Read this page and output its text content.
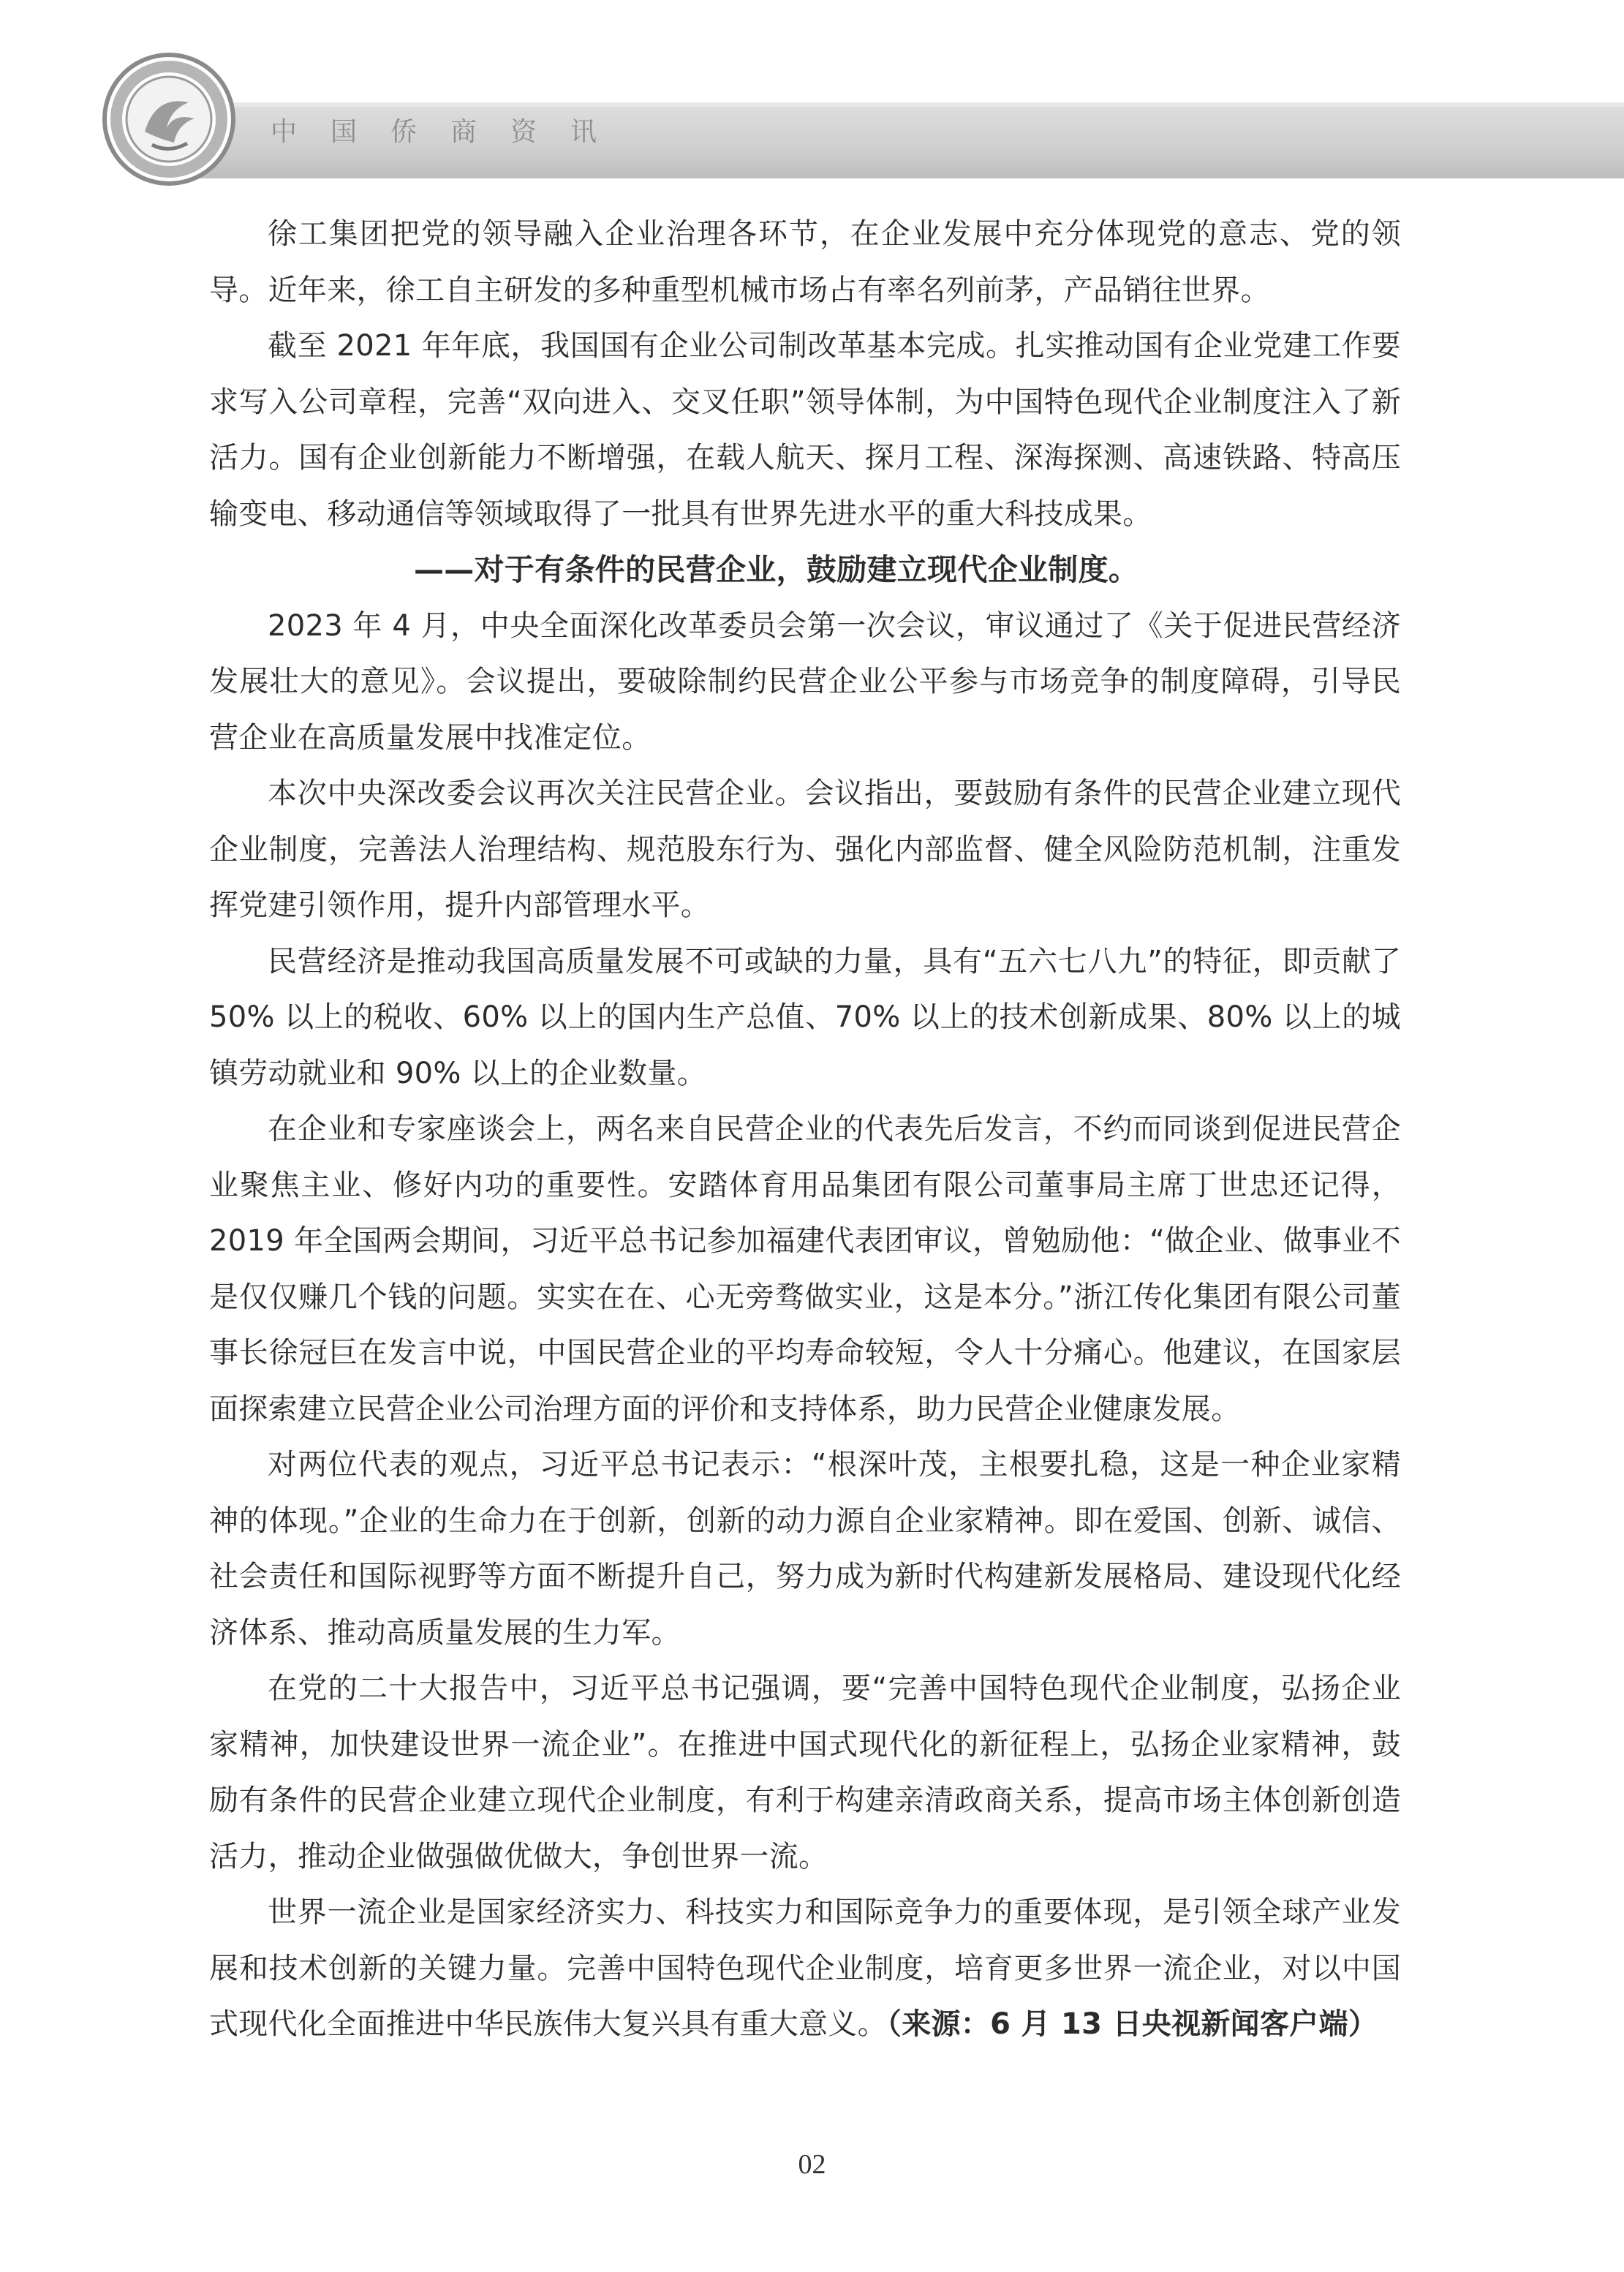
中国侨商资讯

徐工集团把党的领导融入企业治理各环节，在企业发展中充分体现党的意志、党的领导。近年来，徐工自主研发的多种重型机械市场占有率名列前茅，产品销往世界。

截至 2021 年年底，我国国有企业公司制改革基本完成。扎实推动国有企业党建工作要求写入公司章程，完善“双向进入、交叉任职”领导体制，为中国特色现代企业制度注入了新活力。国有企业创新能力不断增强，在载人航天、探月工程、深海探测、高速铁路、特高压输变电、移动通信等领域取得了一批具有世界先进水平的重大科技成果。

——对于有条件的民营企业，鼓励建立现代企业制度。

2023 年 4 月，中央全面深化改革委员会第一次会议，审议通过了《关于促进民营经济发展壮大的意见》。会议提出，要破除制约民营企业公平参与市场竞争的制度障碍，引导民营企业在高质量发展中找准定位。

本次中央深改委会议再次关注民营企业。会议指出，要鼓励有条件的民营企业建立现代企业制度，完善法人治理结构、规范股东行为、强化内部监督、健全风险防范机制，注重发挥党建引领作用，提升内部管理水平。

民营经济是推动我国高质量发展不可或缺的力量，具有“五六七八九”的特征，即贡献了 50% 以上的税收、60% 以上的国内生产总值、70% 以上的技术创新成果、80% 以上的城镇劳动就业和 90% 以上的企业数量。

在企业和专家座谈会上，两名来自民营企业的代表先后发言，不约而同谈到促进民营企业聚焦主业、修好内功的重要性。安踏体育用品集团有限公司董事局主席丁世忠还记得，2019 年全国两会期间，习近平总书记参加福建代表团审议，曾勉励他：“做企业、做事业不是仅仅赚几个钱的问题。实实在在、心无旁骛做实业，这是本分。”浙江传化集团有限公司董事长徐冠巨在发言中说，中国民营企业的平均寿命较短，令人十分痛心。他建议，在国家层面探索建立民营企业公司治理方面的评价和支持体系，助力民营企业健康发展。

对两位代表的观点，习近平总书记表示：“根深叶茂，主根要扎稳，这是一种企业家精神的体现。”企业的生命力在于创新，创新的动力源自企业家精神。即在爱国、创新、诚信、社会责任和国际视野等方面不断提升自己，努力成为新时代构建新发展格局、建设现代化经济体系、推动高质量发展的生力军。

在党的二十大报告中，习近平总书记强调，要“完善中国特色现代企业制度，弘扬企业家精神，加快建设世界一流企业”。在推进中国式现代化的新征程上，弘扬企业家精神，鼓励有条件的民营企业建立现代企业制度，有利于构建亲清政商关系，提高市场主体创新创造活力，推动企业做强做优做大，争创世界一流。

世界一流企业是国家经济实力、科技实力和国际竞争力的重要体现，是引领全球产业发展和技术创新的关键力量。完善中国特色现代企业制度，培育更多世界一流企业，对以中国式现代化全面推进中华民族伟大复兴具有重大意义。（来源：6 月 13 日央视新闻客户端）

02
